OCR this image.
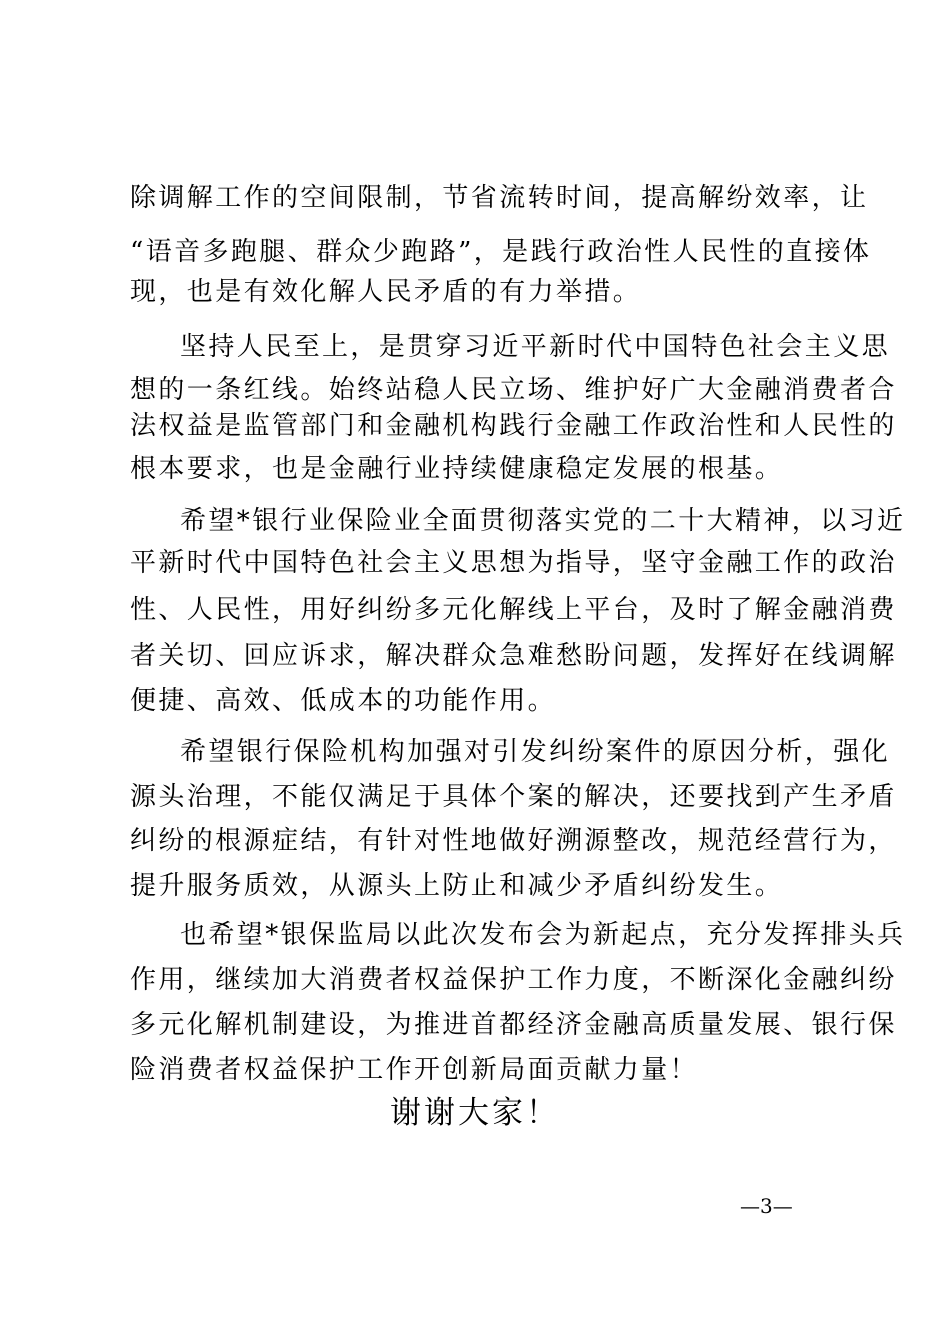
除调解工作的空间限制，节省流转时间，提高解纷效率，让
“语音多跑腿、群众少跑路”，是践行政治性人民性的直接体
现，也是有效化解人民矛盾的有力举措。
坚持人民至上，是贯穿习近平新时代中国特色社会主义思
想的一条红线。始终站稳人民立场、维护好广大金融消费者合
法权益是监管部门和金融机构践行金融工作政治性和人民性的
根本要求，也是金融行业持续健康稳定发展的根基。
希望*银行业保险业全面贯彻落实党的二十大精神，以习近
平新时代中国特色社会主义思想为指导，坚守金融工作的政治
性、人民性，用好纠纷多元化解线上平台，及时了解金融消费
者关切、回应诉求，解决群众急难愁盼问题，发挥好在线调解
便捷、高效、低成本的功能作用。
希望银行保险机构加强对引发纠纷案件的原因分析，强化
源头治理，不能仅满足于具体个案的解决，还要找到产生矛盾
纠纷的根源症结，有针对性地做好溯源整改，规范经营行为，
提升服务质效，从源头上防止和减少矛盾纠纷发生。
也希望*银保监局以此次发布会为新起点，充分发挥排头兵
作用，继续加大消费者权益保护工作力度，不断深化金融纠纷
多元化解机制建设，为推进首都经济金融高质量发展、银行保
险消费者权益保护工作开创新局面贡献力量！
谢谢大家！
—3—
